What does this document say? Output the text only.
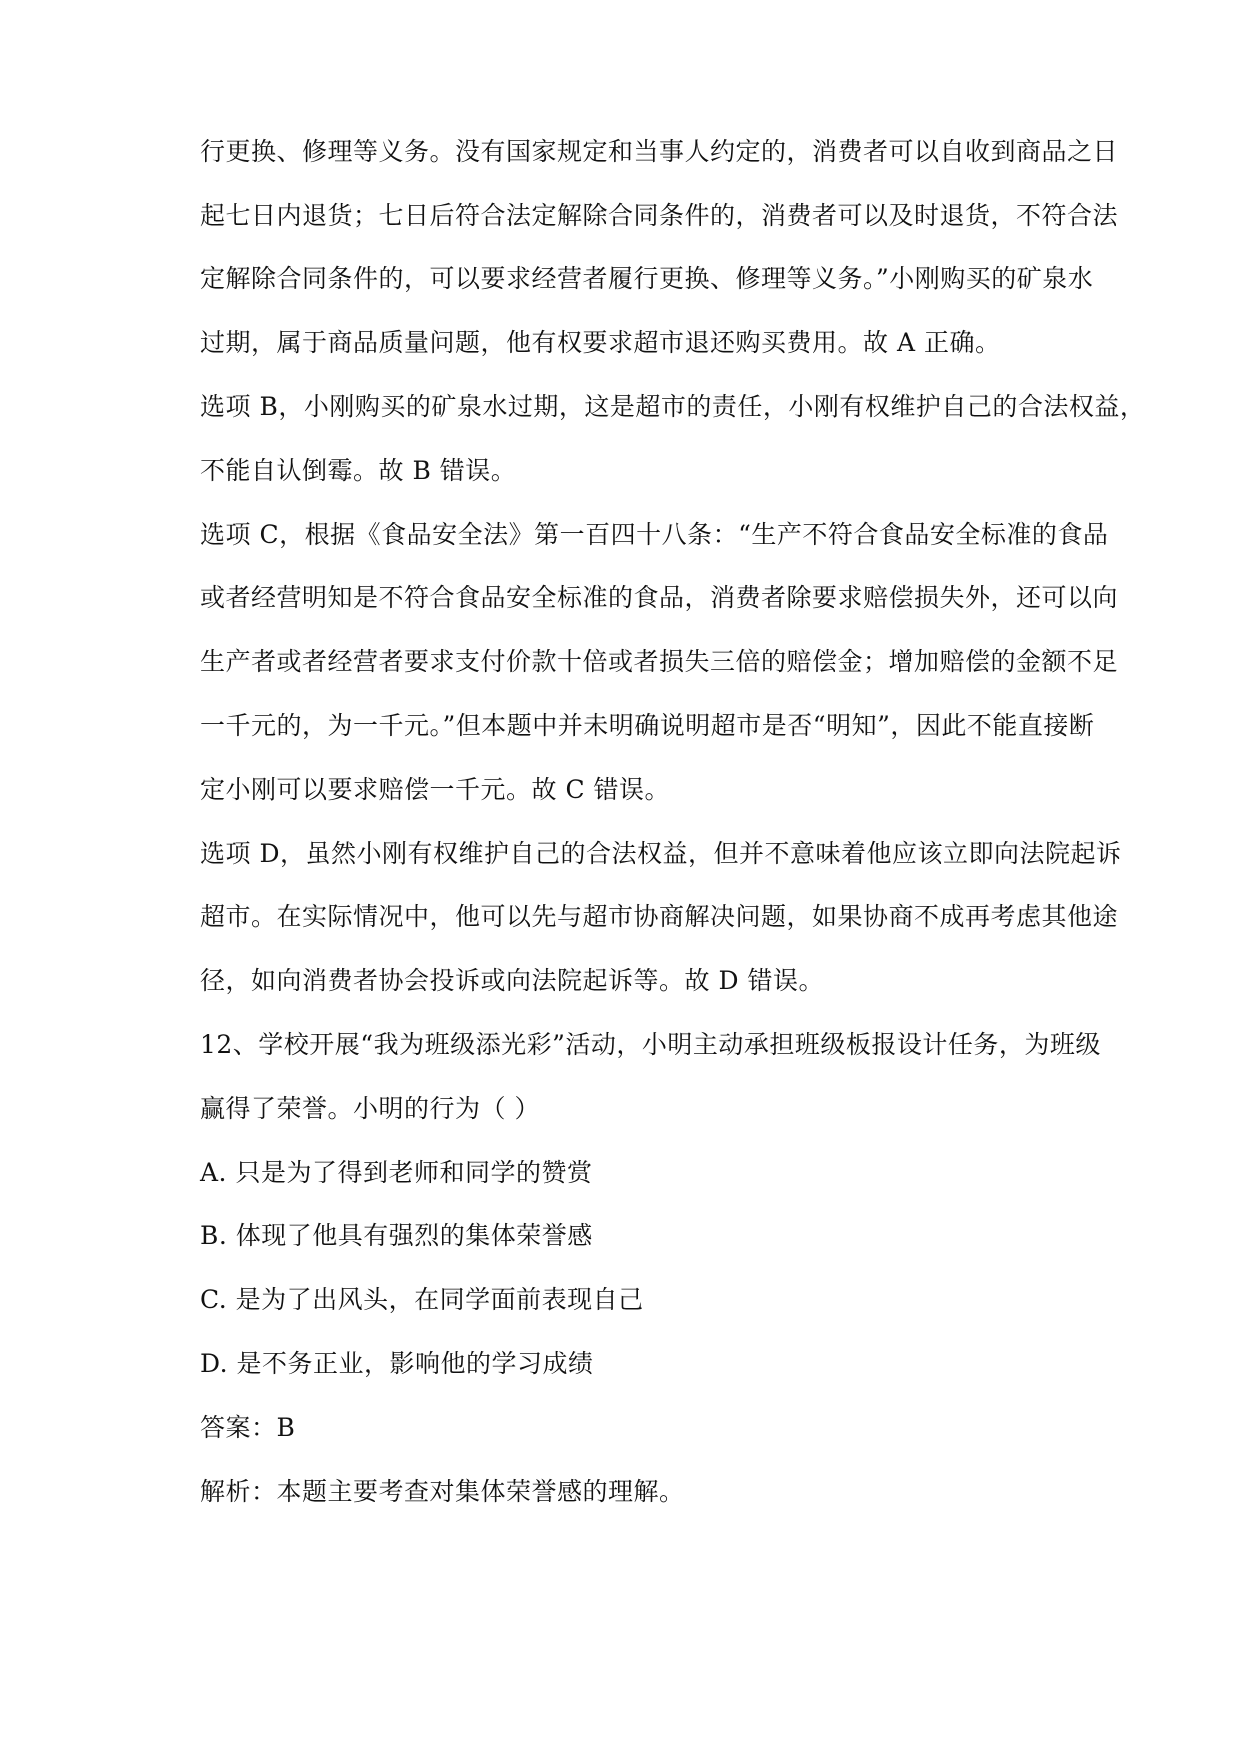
行更换、修理等义务。没有国家规定和当事人约定的，消费者可以自收到商品之日
起七日内退货；七日后符合法定解除合同条件的，消费者可以及时退货，不符合法
定解除合同条件的，可以要求经营者履行更换、修理等义务。”小刚购买的矿泉水
过期，属于商品质量问题，他有权要求超市退还购买费用。故 A 正确。
选项 B，小刚购买的矿泉水过期，这是超市的责任，小刚有权维护自己的合法权益，
不能自认倒霉。故 B 错误。
选项 C，根据《食品安全法》第一百四十八条：“生产不符合食品安全标准的食品
或者经营明知是不符合食品安全标准的食品，消费者除要求赔偿损失外，还可以向
生产者或者经营者要求支付价款十倍或者损失三倍的赔偿金；增加赔偿的金额不足
一千元的，为一千元。”但本题中并未明确说明超市是否“明知”，因此不能直接断
定小刚可以要求赔偿一千元。故 C 错误。
选项 D，虽然小刚有权维护自己的合法权益，但并不意味着他应该立即向法院起诉
超市。在实际情况中，他可以先与超市协商解决问题，如果协商不成再考虑其他途
径，如向消费者协会投诉或向法院起诉等。故 D 错误。
12、学校开展“我为班级添光彩”活动，小明主动承担班级板报设计任务，为班级
赢得了荣誉。小明的行为（ ）
A. 只是为了得到老师和同学的赞赏
B. 体现了他具有强烈的集体荣誉感
C. 是为了出风头，在同学面前表现自己
D. 是不务正业，影响他的学习成绩
答案：B
解析：本题主要考查对集体荣誉感的理解。
